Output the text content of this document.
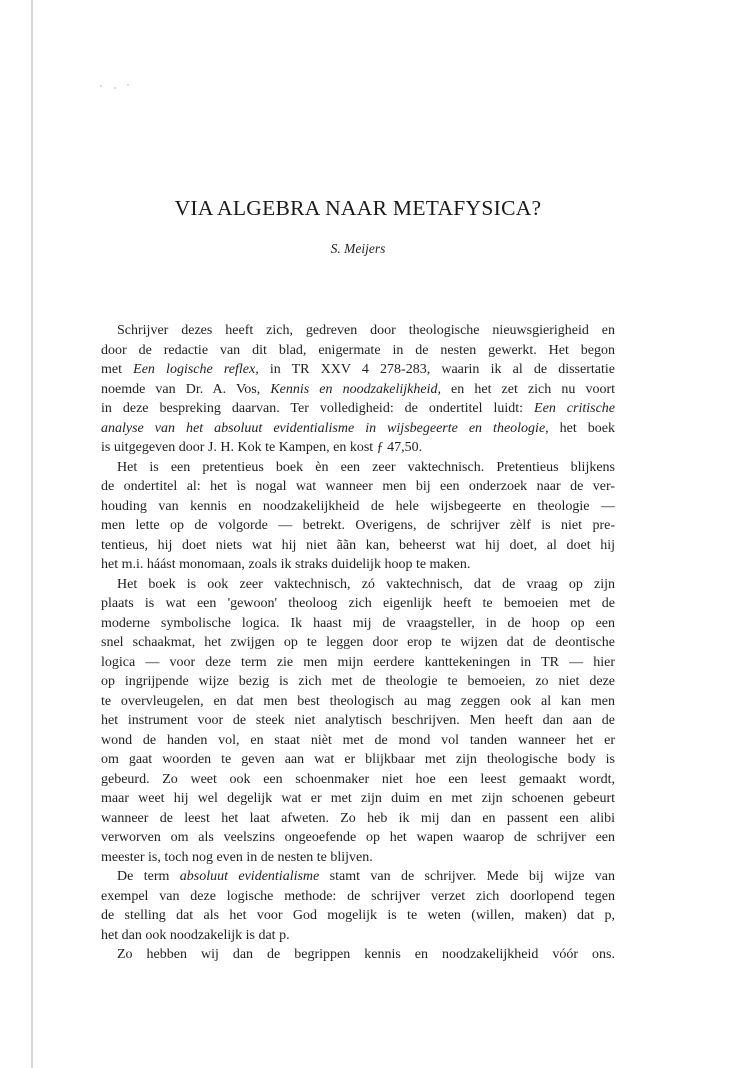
VIA ALGEBRA NAAR METAFYSICA?

S. Meijers

Schrijver dezes heeft zich, gedreven door theologische nieuwsgierigheid en
door de redactie van dit blad, enigermate in de nesten gewerkt. Het begon
met Een logische reflex, in TR XXV 4 278-283, waarin ik al de dissertatie
noemde van Dr. A. Vos, Kennis en noodzakelijkheid, en het zet zich nu voort
in deze bespreking daarvan. Ter volledigheid: de ondertitel luidt: Een critische
analyse van het absoluut evidentialisme in wijsbegeerte en theologie, het boek
is uitgegeven door J. H. Kok te Kampen, en kost ƒ 47,50.
Het is een pretentieus boek èn een zeer vaktechnisch. Pretentieus blijkens
de ondertitel al: het ìs nogal wat wanneer men bij een onderzoek naar de ver-
houding van kennis en noodzakelijkheid de hele wijsbegeerte en theologie —
men lette op de volgorde — betrekt. Overigens, de schrijver zèlf is niet pre-
tentieus, hij doet niets wat hij niet ããn kan, beheerst wat hij doet, al doet hij
het m.i. háást monomaan, zoals ik straks duidelijk hoop te maken.
Het boek is ook zeer vaktechnisch, zó vaktechnisch, dat de vraag op zijn
plaats is wat een 'gewoon' theoloog zich eigenlijk heeft te bemoeien met de
moderne symbolische logica. Ik haast mij de vraagsteller, in de hoop op een
snel schaakmat, het zwijgen op te leggen door erop te wijzen dat de deontische
logica — voor deze term zie men mijn eerdere kanttekeningen in TR — hier
op ingrijpende wijze bezig is zich met de theologie te bemoeien, zo niet deze
te overvleugelen, en dat men best theologisch au mag zeggen ook al kan men
het instrument voor de steek niet analytisch beschrijven. Men heeft dan aan de
wond de handen vol, en staat nièt met de mond vol tanden wanneer het er
om gaat woorden te geven aan wat er blijkbaar met zijn theologische body is
gebeurd. Zo weet ook een schoenmaker niet hoe een leest gemaakt wordt,
maar weet hij wel degelijk wat er met zijn duim en met zijn schoenen gebeurt
wanneer de leest het laat afweten. Zo heb ik mij dan en passent een alibi
verworven om als veelszins ongeoefende op het wapen waarop de schrijver een
meester is, toch nog even in de nesten te blijven.
De term absoluut evidentialisme stamt van de schrijver. Mede bij wijze van
exempel van deze logische methode: de schrijver verzet zich doorlopend tegen
de stelling dat als het voor God mogelijk is te weten (willen, maken) dat p,
het dan ook noodzakelijk is dat p.
Zo hebben wij dan de begrippen kennis en noodzakelijkheid vóór ons.
